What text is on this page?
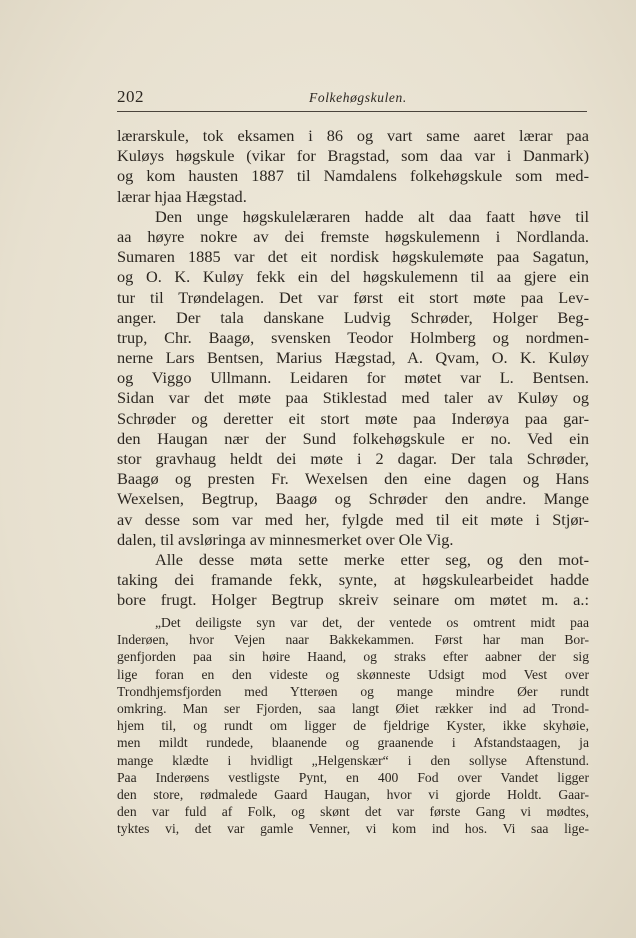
202	Folkehøgskulen.
lærarskule, tok eksamen i 86 og vart same aaret lærar paa
Kuløys høgskule (vikar for Bragstad, som daa var i Danmark)
og kom hausten 1887 til Namdalens folkehøgskule som med-
lærar hjaa Hægstad.
Den unge høgskulelæraren hadde alt daa faatt høve til
aa høyre nokre av dei fremste høgskulemenn i Nordlanda.
Sumaren 1885 var det eit nordisk høgskulemøte paa Sagatun,
og O. K. Kuløy fekk ein del høgskulemenn til aa gjere ein
tur til Trøndelagen. Det var først eit stort møte paa Lev-
anger. Der tala danskane Ludvig Schrøder, Holger Beg-
trup, Chr. Baagø, svensken Teodor Holmberg og nordmen-
nerne Lars Bentsen, Marius Hægstad, A. Qvam, O. K. Kuløy
og Viggo Ullmann. Leidaren for møtet var L. Bentsen.
Sidan var det møte paa Stiklestad med taler av Kuløy og
Schrøder og deretter eit stort møte paa Inderøya paa gar-
den Haugan nær der Sund folkehøgskule er no. Ved ein
stor gravhaug heldt dei møte i 2 dagar. Der tala Schrøder,
Baagø og presten Fr. Wexelsen den eine dagen og Hans
Wexelsen, Begtrup, Baagø og Schrøder den andre. Mange
av desse som var med her, fylgde med til eit møte i Stjør-
dalen, til avsløringa av minnesmerket over Ole Vig.
Alle desse møta sette merke etter seg, og den mot-
taking dei framande fekk, synte, at høgskulearbeidet hadde
bore frugt. Holger Begtrup skreiv seinare om møtet m. a.:
„Det deiligste syn var det, der ventede os omtrent midt paa
Inderøen, hvor Vejen naar Bakkekammen. Først har man Bor-
genfjorden paa sin høire Haand, og straks efter aabner der sig
lige foran en den videste og skønneste Udsigt mod Vest over
Trondhjemsfjorden med Ytterøen og mange mindre Øer rundt
omkring. Man ser Fjorden, saa langt Øiet rækker ind ad Trond-
hjem til, og rundt om ligger de fjeldrige Kyster, ikke skyhøie,
men mildt rundede, blaanende og graanende i Afstandstaagen, ja
mange klædte i hvidligt „Helgenskær“ i den sollyse Aftenstund.
Paa Inderøens vestligste Pynt, en 400 Fod over Vandet ligger
den store, rødmalede Gaard Haugan, hvor vi gjorde Holdt. Gaar-
den var fuld af Folk, og skønt det var første Gang vi mødtes,
tyktes vi, det var gamle Venner, vi kom ind hos. Vi saa lige-
